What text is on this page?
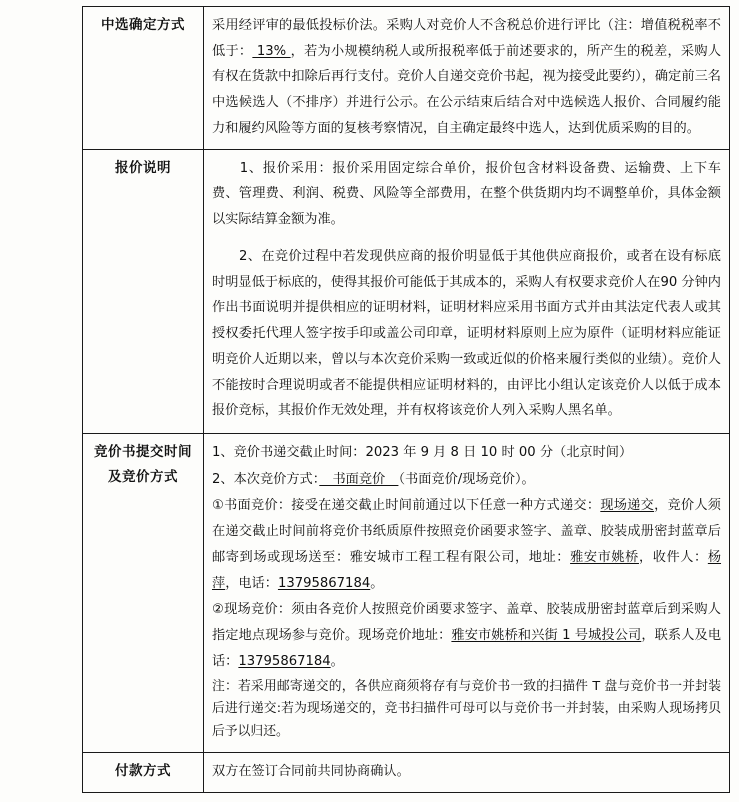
中选确定方式	采用经评审的最低投标价法。采购人对竞价人不含税总价进行评比（注：增值税税率不低于： 13% ，若为小规模纳税人或所报税率低于前述要求的，所产生的税差，采购人有权在货款中扣除后再行支付。竞价人自递交竞价书起，视为接受此要约），确定前三名中选候选人（不排序）并进行公示。在公示结束后结合对中选候选人报价、合同履约能力和履约风险等方面的复核考察情况，自主确定最终中选人，达到优质采购的目的。

报价说明	　　1、报价采用：报价采用固定综合单价，报价包含材料设备费、运输费、上下车费、管理费、利润、税费、风险等全部费用，在整个供货期内均不调整单价，具体金额以实际结算金额为准。

　　2、在竞价过程中若发现供应商的报价明显低于其他供应商报价，或者在设有标底时明显低于标底的，使得其报价可能低于其成本的，采购人有权要求竞价人在90 分钟内作出书面说明并提供相应的证明材料，证明材料应采用书面方式并由其法定代表人或其授权委托代理人签字按手印或盖公司印章，证明材料原则上应为原件（证明材料应能证明竞价人近期以来，曾以与本次竞价采购一致或近似的价格来履行类似的业绩）。竞价人不能按时合理说明或者不能提供相应证明材料的，由评比小组认定该竞价人以低于成本报价竞标，其报价作无效处理，并有权将该竞价人列入采购人黑名单。

竞价书提交时间及竞价方式	1、竞价书递交截止时间：2023 年 9 月 8 日 10 时 00 分（北京时间）

2、本次竞价方式：　书面竞价　（书面竞价/现场竞价）。

①书面竞价：接受在递交截止时间前通过以下任意一种方式递交：现场递交，竞价人须在递交截止时间前将竞价书纸质原件按照竞价函要求签字、盖章、胶装成册密封蓝章后邮寄到场或现场送至：雅安城市工程工程有限公司，地址：雅安市姚桥，收件人：杨萍，电话：13795867184。

②现场竞价：须由各竞价人按照竞价函要求签字、盖章、胶装成册密封蓝章后到采购人指定地点现场参与竞价。现场竞价地址：雅安市姚桥和兴街 1 号城投公司，联系人及电话：13795867184。

注：若采用邮寄递交的，各供应商须将存有与竞价书一致的扫描件 T 盘与竞价书一并封装后进行递交:若为现场递交的，竞书扫描件可母可以与竞价书一并封装，由采购人现场拷贝后予以归还。

付款方式	双方在签订合同前共同协商确认。
